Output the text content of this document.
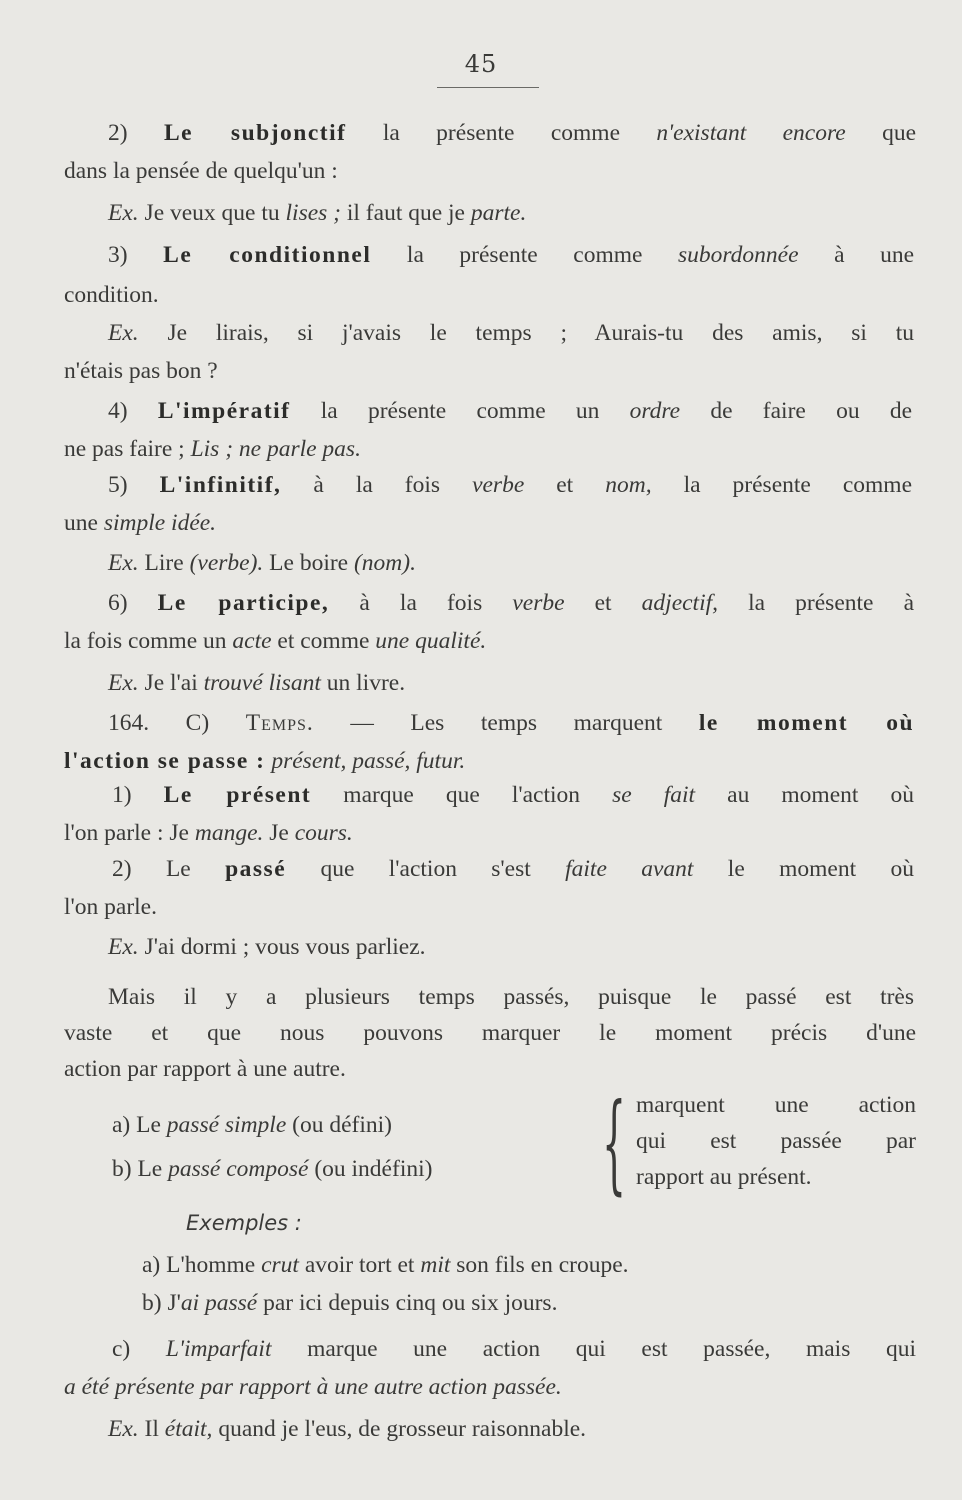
45
2) Le subjonctif la présente comme n'existant encore que
dans la pensée de quelqu'un :
Ex. Je veux que tu lises ; il faut que je parte.
3) Le conditionnel la présente comme subordonnée à une
condition.
Ex. Je lirais, si j'avais le temps ; Aurais-tu des amis, si tu
n'étais pas bon ?
4) L'impératif la présente comme un ordre de faire ou de
ne pas faire ; Lis ; ne parle pas.
5) L'infinitif, à la fois verbe et nom, la présente comme
une simple idée.
Ex. Lire (verbe). Le boire (nom).
6) Le participe, à la fois verbe et adjectif, la présente à
la fois comme un acte et comme une qualité.
Ex. Je l'ai trouvé lisant un livre.
164. C) Temps. — Les temps marquent le moment où
l'action se passe : présent, passé, futur.
1) Le présent marque que l'action se fait au moment où
l'on parle : Je mange. Je cours.
2) Le passé que l'action s'est faite avant le moment où
l'on parle.
Ex. J'ai dormi ; vous vous parliez.
Mais il y a plusieurs temps passés, puisque le passé est très
vaste et que nous pouvons marquer le moment précis d'une
action par rapport à une autre.
a) Le passé simple (ou défini)
b) Le passé composé (ou indéfini) { marquent une action
qui est passée par
rapport au présent.
Exemples :
a) L'homme crut avoir tort et mit son fils en croupe.
b) J'ai passé par ici depuis cinq ou six jours.
c) L'imparfait marque une action qui est passée, mais qui
a été présente par rapport à une autre action passée.
Ex. Il était, quand je l'eus, de grosseur raisonnable.
